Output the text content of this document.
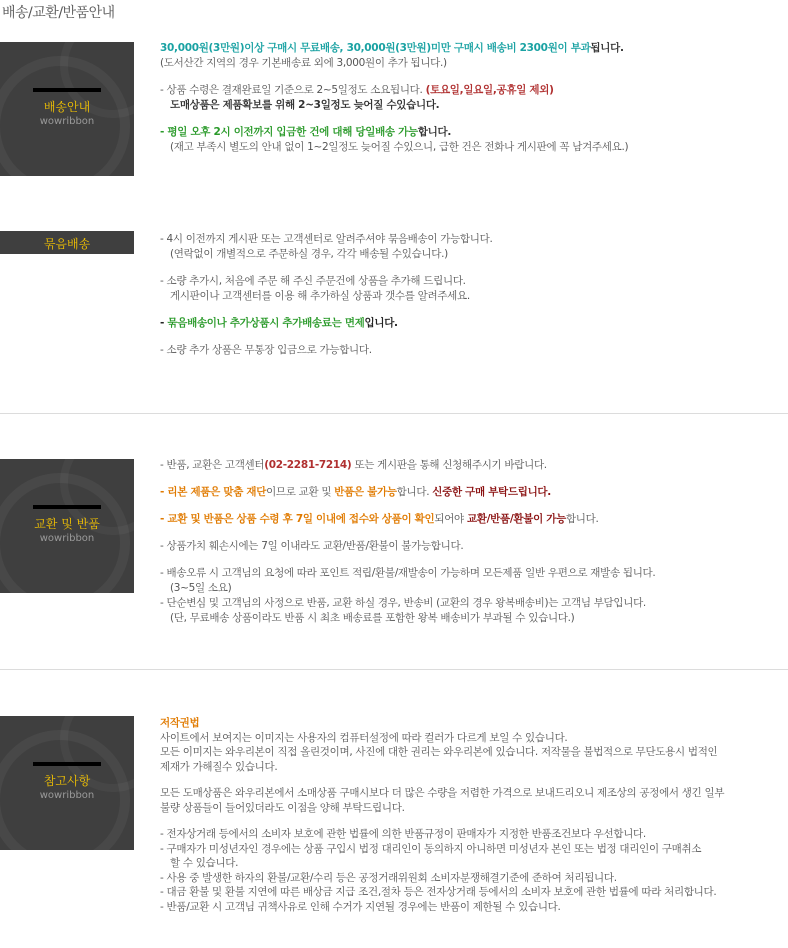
배송/교환/반품안내
배송안내
wowribbon

30,000원(3만원)이상 구매시 무료배송, 30,000원(3만원)미만 구매시 배송비 2300원이 부과됩니다.

(도서산간 지역의 경우 기본배송료 외에 3,000원이 추가 됩니다.)

- 상품 수령은 결재완료일 기준으로 2~5일정도 소요됩니다. (토요일,일요일,공휴일 제외)

도매상품은 제품확보를 위해 2~3일정도 늦어질 수있습니다.

- 평일 오후 2시 이전까지 입금한 건에 대해 당일배송 가능합니다.

(재고 부족시 별도의 안내 없이 1~2일정도 늦어질 수있으니, 급한 건은 전화나 게시판에 꼭 남겨주세요.)

묶음배송	- 4시 이전까지 게시판 또는 고객센터로 알려주셔야 묶음배송이 가능합니다.

(연락없이 개별적으로 주문하실 경우, 각각 배송될 수있습니다.)

- 소량 추가시, 처음에 주문 해 주신 주문건에 상품을 추가해 드립니다.

게시판이나 고객센터를 이용 해 추가하실 상품과 갯수를 알려주세요.

- 묶음배송이나 추가상품시 추가배송료는 면제입니다.

- 소량 추가 상품은 무통장 입금으로 가능합니다.

교환 및 반품
wowribbon

- 반품, 교환은 고객센터(02-2281-7214) 또는 게시판을 통해 신청해주시기 바랍니다.

- 리본 제품은 맞춤 재단이므로 교환 및 반품은 불가능합니다. 신중한 구매 부탁드립니다.

- 교환 및 반품은 상품 수령 후 7일 이내에 접수와 상품이 확인되어야 교환/반품/환불이 가능합니다.

- 상품가치 훼손시에는 7일 이내라도 교환/반품/환불이 불가능합니다.

- 배송오류 시 고객님의 요청에 따라 포인트 적립/환불/재발송이 가능하며 모든제품 일반 우편으로 재발송 됩니다.

(3~5일 소요)

- 단순변심 및 고객님의 사정으로 반품, 교환 하실 경우, 반송비 (교환의 경우 왕복배송비)는 고객님 부담입니다.

(단, 무료배송 상품이라도 반품 시 최초 배송료를 포함한 왕복 배송비가 부과될 수 있습니다.)

참고사항
wowribbon

저작권법

사이트에서 보여지는 이미지는 사용자의 컴퓨터설정에 따라 컬러가 다르게 보일 수 있습니다.

모든 이미지는 와우리본이 직접 올린것이며, 사진에 대한 권리는 와우리본에 있습니다. 저작물을 불법적으로 무단도용시 법적인

제재가 가해질수 있습니다.

모든 도매상품은 와우리본에서 소매상품 구매시보다 더 많은 수량을 저렴한 가격으로 보내드리오니 제조상의 공정에서 생긴 일부

불량 상품들이 들어있더라도 이점을 양해 부탁드립니다.

- 전자상거래 등에서의 소비자 보호에 관한 법률에 의한 반품규정이 판매자가 지정한 반품조건보다 우선합니다.

- 구매자가 미성년자인 경우에는 상품 구입시 법정 대리인이 동의하지 아니하면 미성년자 본인 또는 법정 대리인이 구매취소

할 수 있습니다.

- 사용 중 발생한 하자의 환불/교환/수리 등은 공정거래위원회 소비자분쟁해결기준에 준하여 처리됩니다.

- 대금 환불 및 환불 지연에 따른 배상금 지급 조건,절차 등은 전자상거래 등에서의 소비자 보호에 관한 법률에 따라 처리합니다.

- 반품/교환 시 고객님 귀책사유로 인해 수거가 지연될 경우에는 반품이 제한될 수 있습니다.
